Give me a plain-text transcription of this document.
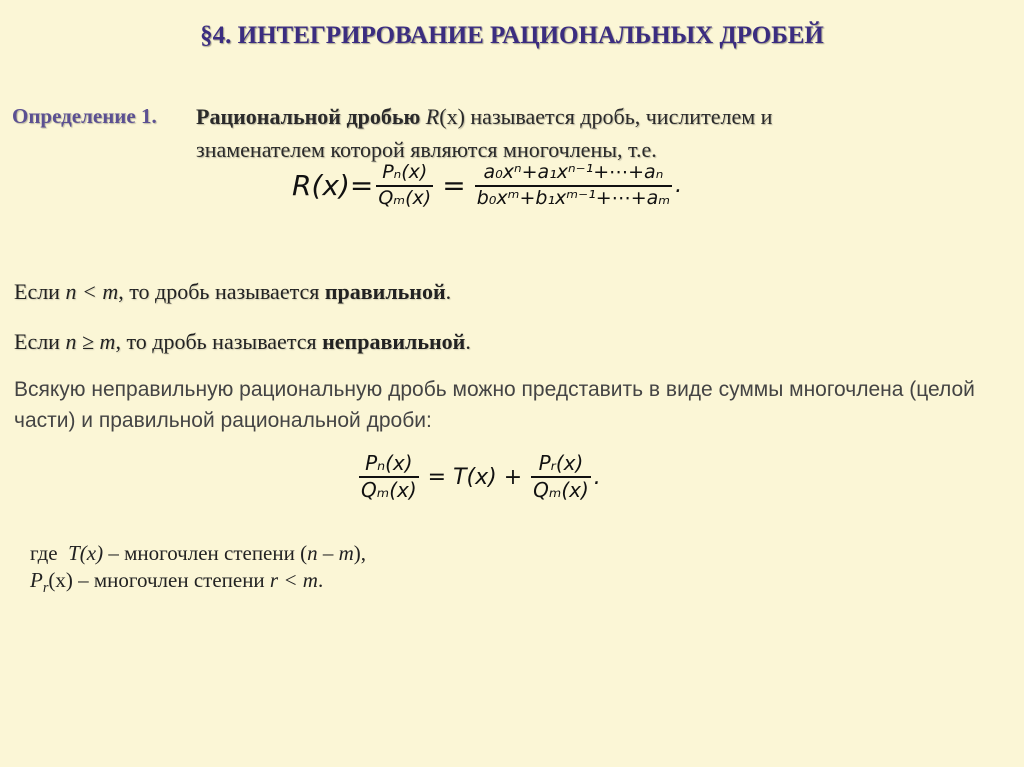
§4. ИНТЕГРИРОВАНИЕ РАЦИОНАЛЬНЫХ ДРОБЕЙ
Определение 1. Рациональной дробью R(x) называется дробь, числителем и знаменателем которой являются многочлены, т.е.
$R(x)= \frac{\text{Pₙ(x)}}{\text{Qₘ(x)}} = \frac{\text{a₀xⁿ+a₁xⁿ⁻¹+⋯+aₙ}}{\text{b₀xᵐ+b₁xᵐ⁻¹+⋯+aₘ}}$ .
Если n < m, то дробь называется правильной.
Если n ≥ m, то дробь называется неправильной.
Всякую неправильную рациональную дробь можно представить в виде суммы многочлена (целой части) и правильной рациональной дроби:
$\frac{\text{Pₙ(x)}}{\text{Qₘ(x)}} = T(x) + \frac{\text{Pᵣ(x)}}{\text{Qₘ(x)}}$ .
где  T(x) – многочлен степени (n – m),
$P_r(x)$ – многочлен степени r < m.
